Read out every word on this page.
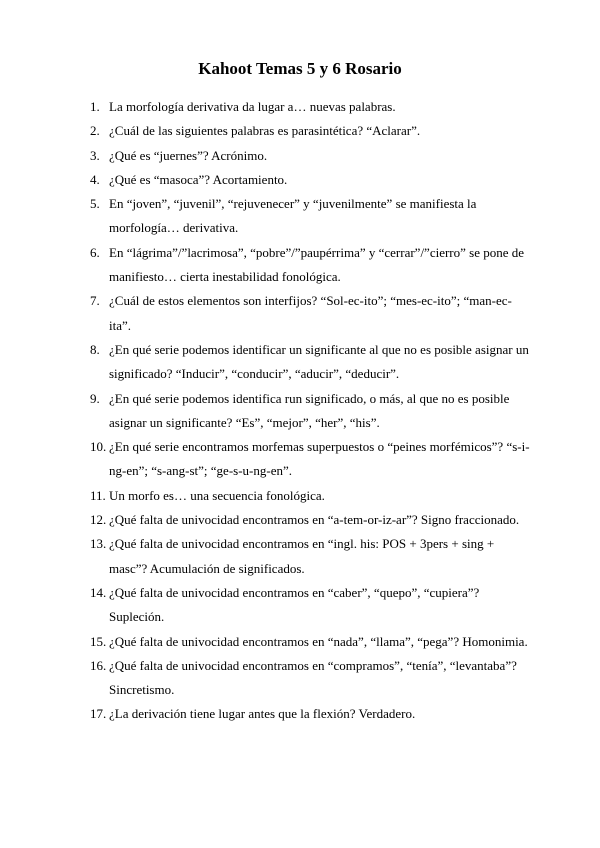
Kahoot Temas 5 y 6 Rosario
1. La morfología derivativa da lugar a… nuevas palabras.
2. ¿Cuál de las siguientes palabras es parasintética? “Aclarar”.
3. ¿Qué es “juernes”? Acrónimo.
4. ¿Qué es “masoca”? Acortamiento.
5. En “joven”, “juvenil”, “rejuvenecer” y “juvenilmente” se manifiesta la morfología… derivativa.
6. En “lágrima”/”lacrimosa”, “pobre”/”paupérrima” y “cerrar”/”cierro” se pone de manifiesto… cierta inestabilidad fonológica.
7. ¿Cuál de estos elementos son interfijos? “Sol-ec-ito”; “mes-ec-ito”; “man-ec-ita”.
8. ¿En qué serie podemos identificar un significante al que no es posible asignar un significado? “Inducir”, “conducir”, “aducir”, “deducir”.
9. ¿En qué serie podemos identifica run significado, o más, al que no es posible asignar un significante? “Es”, “mejor”, “her”, “his”.
10. ¿En qué serie encontramos morfemas superpuestos o “peines morfémicos”? “s-i-ng-en”; “s-ang-st”; “ge-s-u-ng-en”.
11. Un morfo es… una secuencia fonológica.
12. ¿Qué falta de univocidad encontramos en “a-tem-or-iz-ar”? Signo fraccionado.
13. ¿Qué falta de univocidad encontramos en “ingl. his: POS + 3pers + sing + masc”? Acumulación de significados.
14. ¿Qué falta de univocidad encontramos en “caber”, “quepo”, “cupiera”? Supleción.
15. ¿Qué falta de univocidad encontramos en “nada”, “llama”, “pega”? Homonimia.
16. ¿Qué falta de univocidad encontramos en “compramos”, “tenía”, “levantaba”? Sincretismo.
17. ¿La derivación tiene lugar antes que la flexión? Verdadero.
